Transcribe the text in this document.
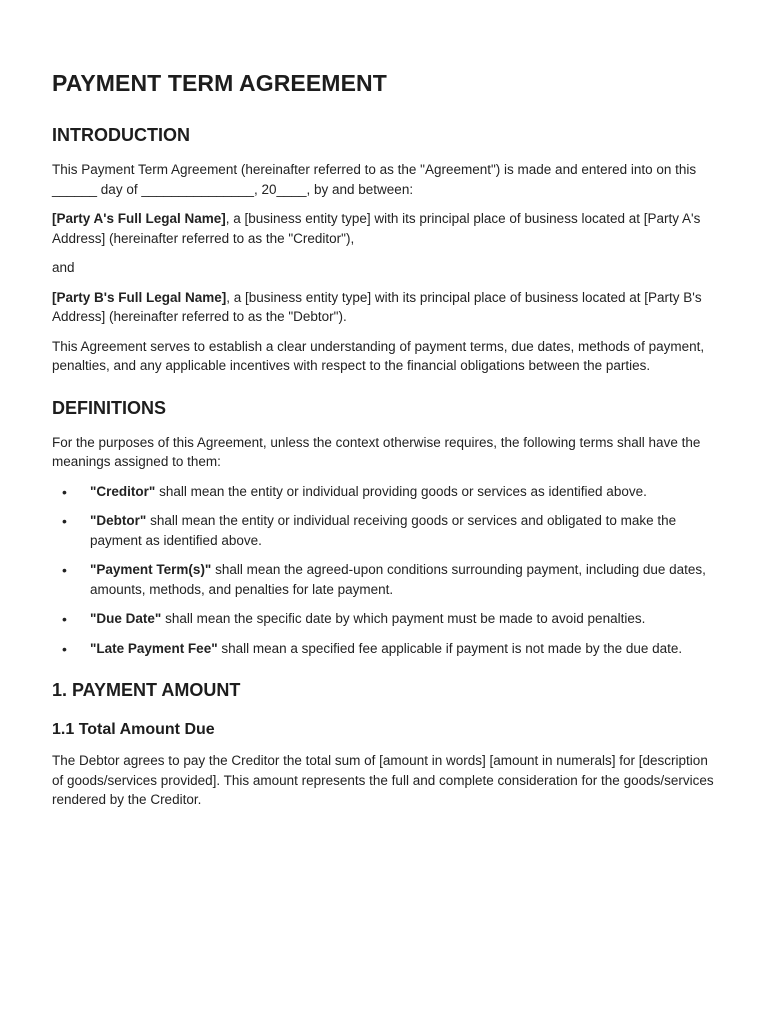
PAYMENT TERM AGREEMENT
INTRODUCTION

This Payment Term Agreement (hereinafter referred to as the "Agreement") is made and entered into on this ______ day of _______________, 20____, by and between:

[Party A's Full Legal Name], a [business entity type] with its principal place of business located at [Party A's Address] (hereinafter referred to as the "Creditor"),

and

[Party B's Full Legal Name], a [business entity type] with its principal place of business located at [Party B's Address] (hereinafter referred to as the "Debtor").

This Agreement serves to establish a clear understanding of payment terms, due dates, methods of payment, penalties, and any applicable incentives with respect to the financial obligations between the parties.

DEFINITIONS

For the purposes of this Agreement, unless the context otherwise requires, the following terms shall have the meanings assigned to them:

• "Creditor" shall mean the entity or individual providing goods or services as identified above.
• "Debtor" shall mean the entity or individual receiving goods or services and obligated to make the payment as identified above.
• "Payment Term(s)" shall mean the agreed-upon conditions surrounding payment, including due dates, amounts, methods, and penalties for late payment.
• "Due Date" shall mean the specific date by which payment must be made to avoid penalties.
• "Late Payment Fee" shall mean a specified fee applicable if payment is not made by the due date.
1. PAYMENT AMOUNT
1.1 Total Amount Due

The Debtor agrees to pay the Creditor the total sum of [amount in words] [amount in numerals] for [description of goods/services provided]. This amount represents the full and complete consideration for the goods/services rendered by the Creditor.
